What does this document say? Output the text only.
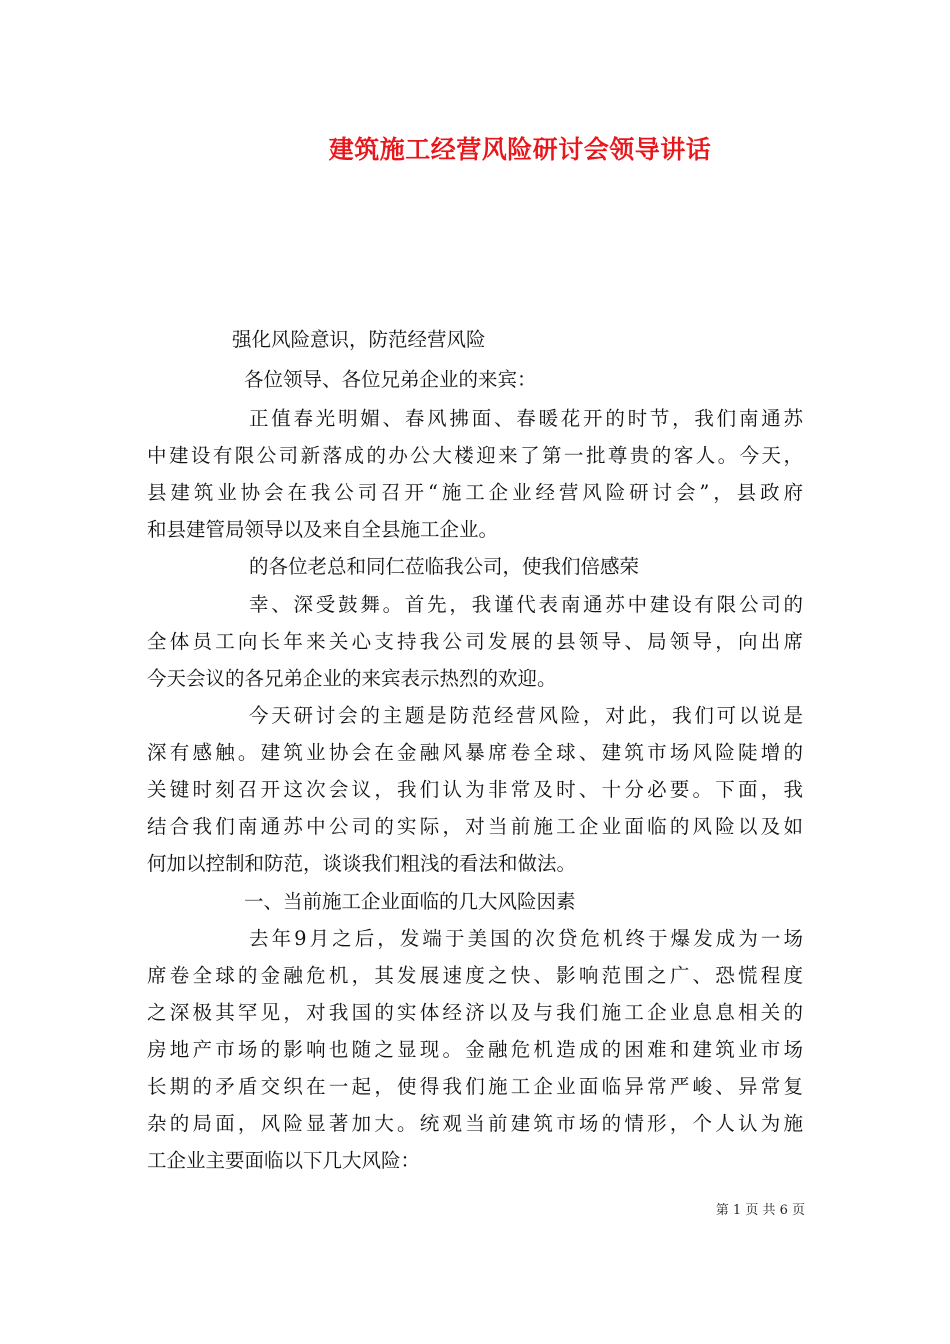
建筑施工经营风险研讨会领导讲话
强化风险意识，防范经营风险
各位领导、各位兄弟企业的来宾：
正值春光明媚、春风拂面、春暖花开的时节，我们南通苏
中建设有限公司新落成的办公大楼迎来了第一批尊贵的客人。今天，
县建筑业协会在我公司召开“施工企业经营风险研讨会”，县政府
和县建管局领导以及来自全县施工企业。
的各位老总和同仁莅临我公司，使我们倍感荣
幸、深受鼓舞。首先，我谨代表南通苏中建设有限公司的
全体员工向长年来关心支持我公司发展的县领导、局领导，向出席
今天会议的各兄弟企业的来宾表示热烈的欢迎。
今天研讨会的主题是防范经营风险，对此，我们可以说是
深有感触。建筑业协会在金融风暴席卷全球、建筑市场风险陡增的
关键时刻召开这次会议，我们认为非常及时、十分必要。下面，我
结合我们南通苏中公司的实际，对当前施工企业面临的风险以及如
何加以控制和防范，谈谈我们粗浅的看法和做法。
一、当前施工企业面临的几大风险因素
去年9月之后，发端于美国的次贷危机终于爆发成为一场
席卷全球的金融危机，其发展速度之快、影响范围之广、恐慌程度
之深极其罕见，对我国的实体经济以及与我们施工企业息息相关的
房地产市场的影响也随之显现。金融危机造成的困难和建筑业市场
长期的矛盾交织在一起，使得我们施工企业面临异常严峻、异常复
杂的局面，风险显著加大。统观当前建筑市场的情形，个人认为施
工企业主要面临以下几大风险：
第 1 页 共 6 页
